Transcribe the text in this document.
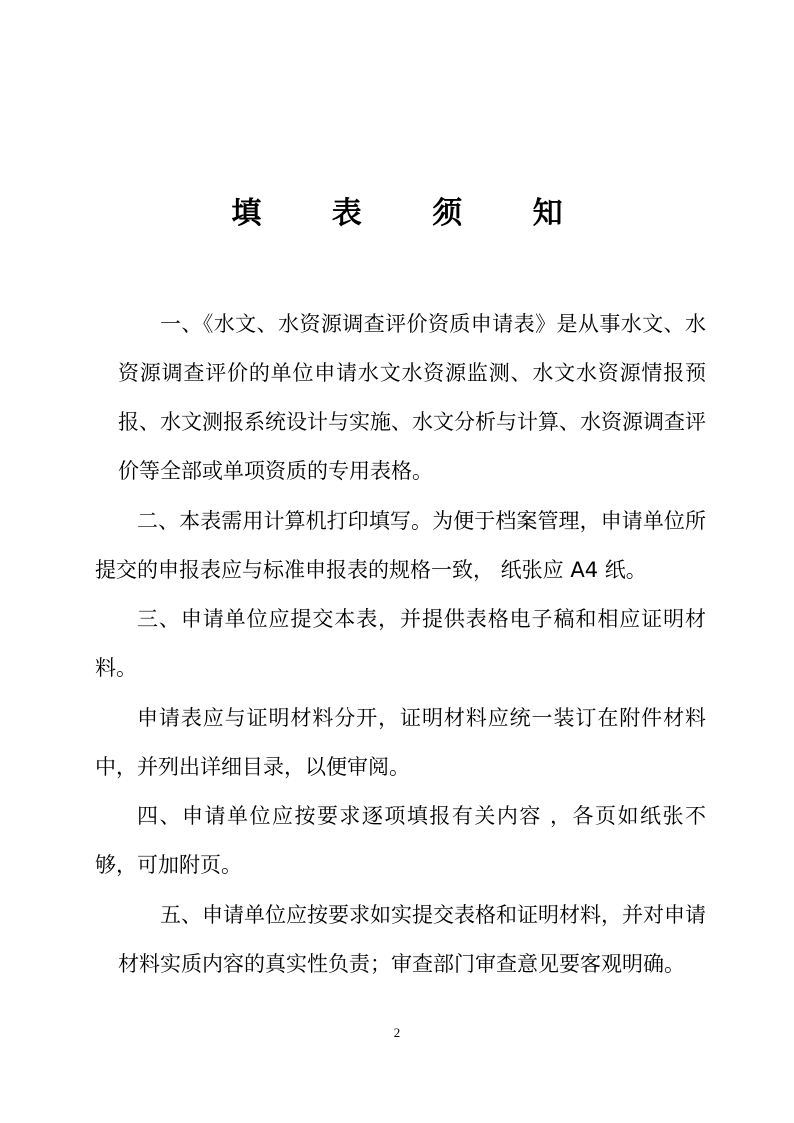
填 表 须 知

一、《水文、水资源调查评价资质申请表》是从事水文、水资源调查评价的单位申请水文水资源监测、水文水资源情报预报、水文测报系统设计与实施、水文分析与计算、水资源调查评价等全部或单项资质的专用表格。

二、本表需用计算机打印填写。为便于档案管理，申请单位所提交的申报表应与标准申报表的规格一致， 纸张应 A4 纸。

三、申请单位应提交本表，并提供表格电子稿和相应证明材料。

申请表应与证明材料分开，证明材料应统一装订在附件材料中，并列出详细目录，以便审阅。

四、申请单位应按要求逐项填报有关内容 ，各页如纸张不够，可加附页。

五、申请单位应按要求如实提交表格和证明材料，并对申请材料实质内容的真实性负责；审查部门审查意见要客观明确。

2
